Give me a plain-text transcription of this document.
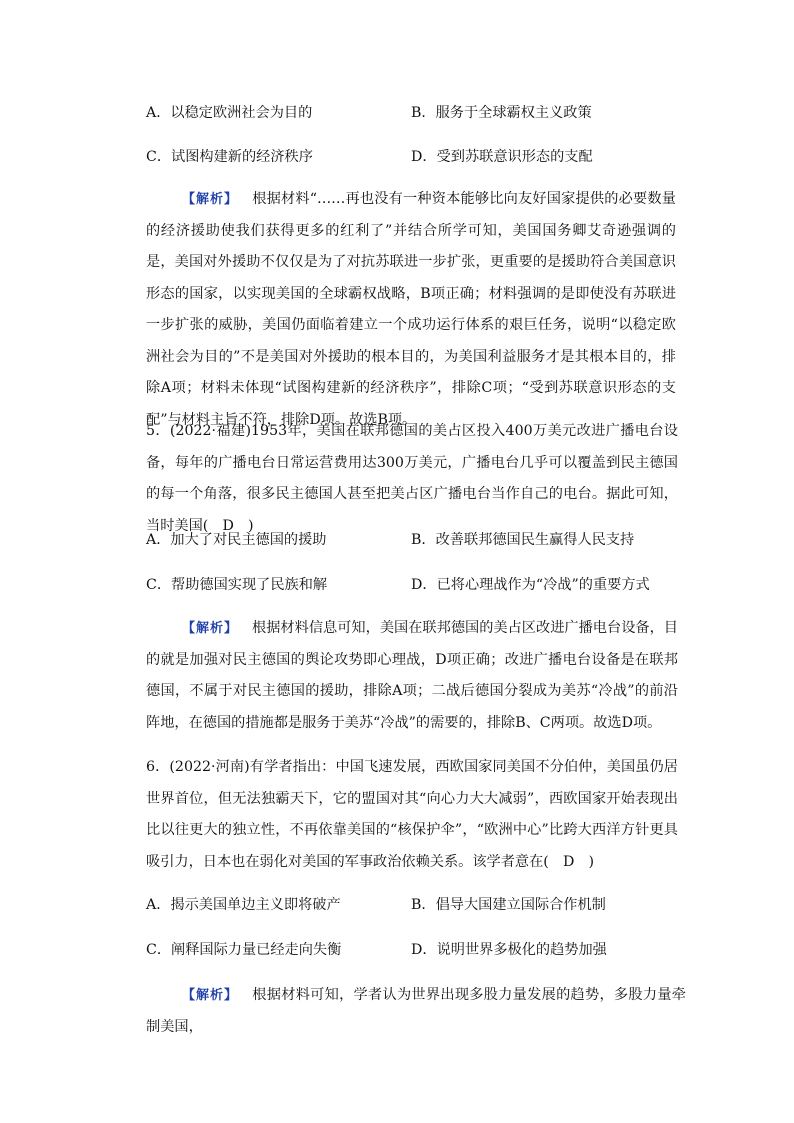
A．以稳定欧洲社会为目的	B．服务于全球霸权主义政策
C．试图构建新的经济秩序	D．受到苏联意识形态的支配
【解析】 根据材料“……再也没有一种资本能够比向友好国家提供的必要数量的经济援助使我们获得更多的红利了”并结合所学可知，美国国务卿艾奇逊强调的是，美国对外援助不仅仅是为了对抗苏联进一步扩张，更重要的是援助符合美国意识形态的国家，以实现美国的全球霸权战略，B项正确；材料强调的是即使没有苏联进一步扩张的威胁，美国仍面临着建立一个成功运行体系的艰巨任务，说明“以稳定欧洲社会为目的”不是美国对外援助的根本目的，为美国利益服务才是其根本目的，排除A项；材料未体现“试图构建新的经济秩序”，排除C项；“受到苏联意识形态的支配”与材料主旨不符，排除D项。故选B项。
5．(2022·福建)1953年，美国在联邦德国的美占区投入400万美元改进广播电台设备，每年的广播电台日常运营费用达300万美元，广播电台几乎可以覆盖到民主德国的每一个角落，很多民主德国人甚至把美占区广播电台当作自己的电台。据此可知，当时美国(　D　)
A．加大了对民主德国的援助	B．改善联邦德国民生赢得人民支持
C．帮助德国实现了民族和解	D．已将心理战作为“冷战”的重要方式
【解析】 根据材料信息可知，美国在联邦德国的美占区改进广播电台设备，目的就是加强对民主德国的舆论攻势即心理战，D项正确；改进广播电台设备是在联邦德国，不属于对民主德国的援助，排除A项；二战后德国分裂成为美苏“冷战”的前沿阵地，在德国的措施都是服务于美苏“冷战”的需要的，排除B、C两项。故选D项。
6．(2022·河南)有学者指出：中国飞速发展，西欧国家同美国不分伯仲，美国虽仍居世界首位，但无法独霸天下，它的盟国对其“向心力大大减弱”，西欧国家开始表现出比以往更大的独立性，不再依靠美国的“核保护伞”，“欧洲中心”比跨大西洋方针更具吸引力，日本也在弱化对美国的军事政治依赖关系。该学者意在(　D　)
A．揭示美国单边主义即将破产	B．倡导大国建立国际合作机制
C．阐释国际力量已经走向失衡	D．说明世界多极化的趋势加强
【解析】 根据材料可知，学者认为世界出现多股力量发展的趋势，多股力量牵制美国，
